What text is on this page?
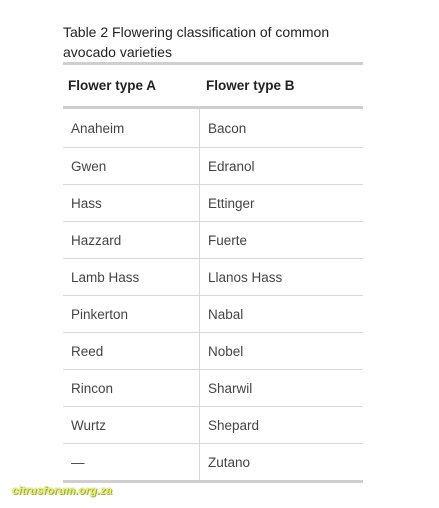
Table 2 Flowering classification of common avocado varieties
Flower type A	Flower type B
Anaheim	Bacon
Gwen	Edranol
Hass	Ettinger
Hazzard	Fuerte
Lamb Hass	Llanos Hass
Pinkerton	Nabal
Reed	Nobel
Rincon	Sharwil
Wurtz	Shepard
—	Zutano
citrusforum.org.za
